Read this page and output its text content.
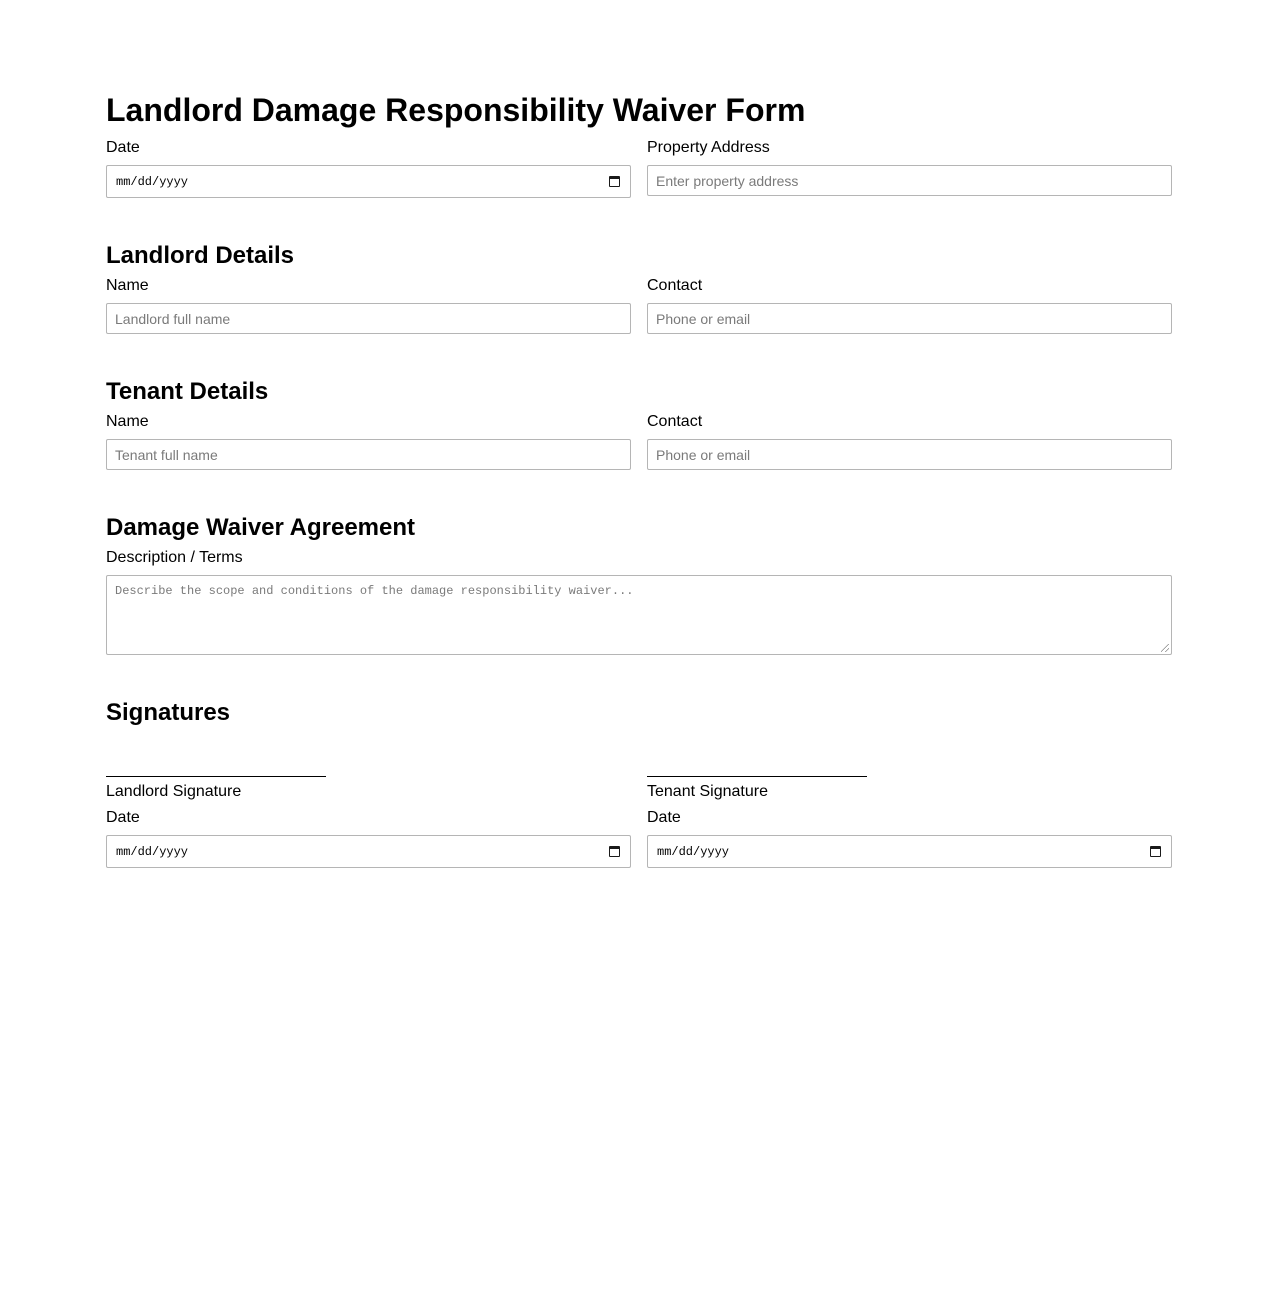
Landlord Damage Responsibility Waiver Form
Date
mm/dd/yyyy
Property Address
Enter property address
Landlord Details
Name
Landlord full name
Contact
Phone or email
Tenant Details
Name
Tenant full name
Contact
Phone or email
Damage Waiver Agreement
Description / Terms
Describe the scope and conditions of the damage responsibility waiver...
Signatures
Landlord Signature
Date
mm/dd/yyyy
Tenant Signature
Date
mm/dd/yyyy
